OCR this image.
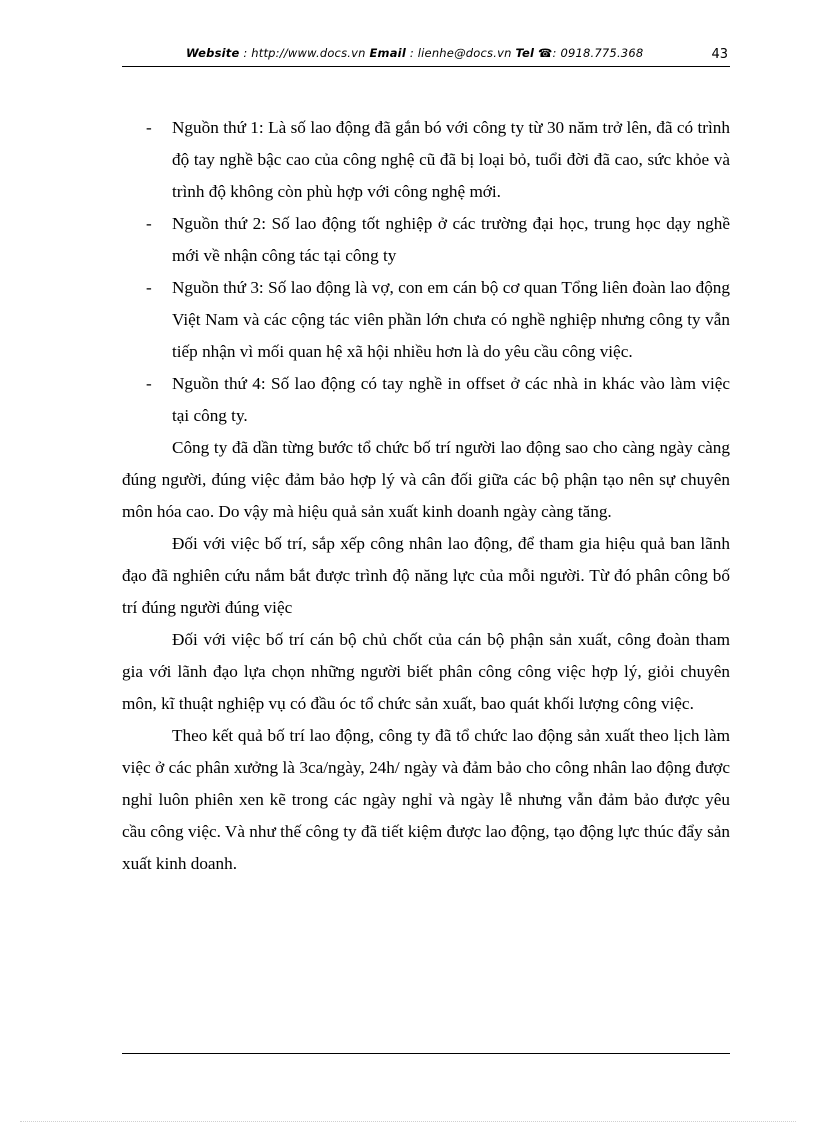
Website : http://www.docs.vn Email : lienhe@docs.vn Tel ☎: 0918.775.368	43
- Nguồn thứ 1: Là số lao động đã gắn bó với công ty từ 30 năm trở lên, đã có trình độ tay nghề bậc cao của công nghệ cũ đã bị loại bỏ, tuổi đời đã cao, sức khỏe và trình độ không còn phù hợp với công nghệ mới.
- Nguồn thứ 2: Số lao động tốt nghiệp ở các trường đại học, trung học dạy nghề mới về nhận công tác tại công ty
- Nguồn thứ 3: Số lao động là vợ, con em cán bộ cơ quan Tổng liên đoàn lao động Việt Nam và các cộng tác viên phần lớn chưa có nghề nghiệp nhưng công ty vẫn tiếp nhận vì mối quan hệ xã hội nhiều hơn là do yêu cầu công việc.
- Nguồn thứ 4: Số lao động có tay nghề in offset ở các nhà in khác vào làm việc tại công ty.

Công ty đã dần từng bước tổ chức bố trí người lao động sao cho càng ngày càng đúng người, đúng việc đảm bảo hợp lý và cân đối giữa các bộ phận tạo nên sự chuyên môn hóa cao. Do vậy mà hiệu quả sản xuất kinh doanh ngày càng tăng.

Đối với việc bố trí, sắp xếp công nhân lao động, để tham gia hiệu quả ban lãnh đạo đã nghiên cứu nắm bắt được trình độ năng lực của mỗi người. Từ đó phân công bố trí đúng người đúng việc

Đối với việc bố trí cán bộ chủ chốt của cán bộ phận sản xuất, công đoàn tham gia với lãnh đạo lựa chọn những người biết phân công công việc hợp lý, giỏi chuyên môn, kĩ thuật nghiệp vụ có đầu óc tổ chức sản xuất, bao quát khối lượng công việc.

Theo kết quả bố trí lao động, công ty đã tổ chức lao động sản xuất theo lịch làm việc ở các phân xưởng là 3ca/ngày, 24h/ ngày và đảm bảo cho công nhân lao động được nghỉ luôn phiên xen kẽ trong các ngày nghỉ và ngày lễ nhưng vẫn đảm bảo được yêu cầu công việc. Và như thế công ty đã tiết kiệm được lao động, tạo động lực thúc đẩy sản xuất kinh doanh.
